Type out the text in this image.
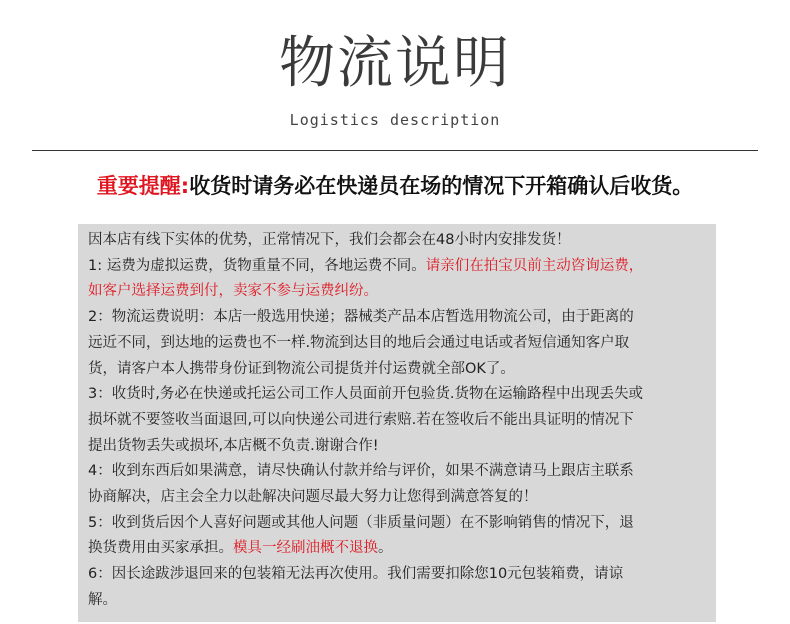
物流说明
Logistics description
重要提醒:收货时请务必在快递员在场的情况下开箱确认后收货。
因本店有线下实体的优势，正常情况下，我们会都会在48小时内安排发货！
1: 运费为虚拟运费，货物重量不同，各地运费不同。请亲们在拍宝贝前主动咨询运费，
如客户选择运费到付，卖家不参与运费纠纷。
2：物流运费说明：本店一般选用快递；器械类产品本店暂选用物流公司，由于距离的
远近不同，到达地的运费也不一样.物流到达目的地后会通过电话或者短信通知客户取
货，请客户本人携带身份证到物流公司提货并付运费就全部OK了。
3：收货时,务必在快递或托运公司工作人员面前开包验货.货物在运输路程中出现丢失或
损坏就不要签收当面退回,可以向快递公司进行索赔.若在签收后不能出具证明的情况下
提出货物丢失或损坏,本店概不负责.谢谢合作!
4：收到东西后如果满意，请尽快确认付款并给与评价，如果不满意请马上跟店主联系
协商解决，店主会全力以赴解决问题尽最大努力让您得到满意答复的！
5：收到货后因个人喜好问题或其他人问题（非质量问题）在不影响销售的情况下，退
换货费用由买家承担。模具一经刷油概不退换。
6：因长途跋涉退回来的包装箱无法再次使用。我们需要扣除您10元包装箱费，请谅
解。
